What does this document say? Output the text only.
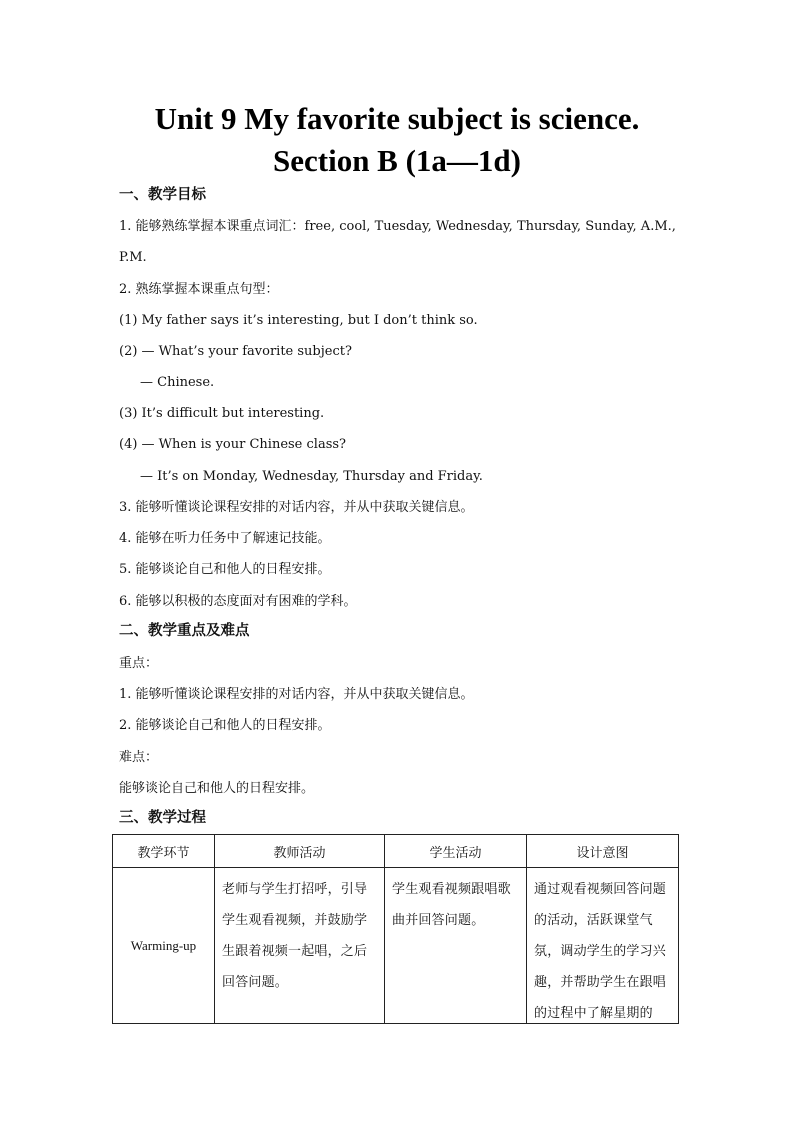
Unit 9 My favorite subject is science.
Section B (1a—1d)
一、教学目标
1. 能够熟练掌握本课重点词汇：free, cool, Tuesday, Wednesday, Thursday, Sunday, A.M.,
P.M.
2. 熟练掌握本课重点句型：
(1) My father says it’s interesting, but I don’t think so.
(2) — What’s your favorite subject?
— Chinese.
(3) It’s difficult but interesting.
(4) — When is your Chinese class?
— It’s on Monday, Wednesday, Thursday and Friday.
3. 能够听懂谈论课程安排的对话内容，并从中获取关键信息。
4. 能够在听力任务中了解速记技能。
5. 能够谈论自己和他人的日程安排。
6. 能够以积极的态度面对有困难的学科。
二、教学重点及难点
重点：
1. 能够听懂谈论课程安排的对话内容，并从中获取关键信息。
2. 能够谈论自己和他人的日程安排。
难点：
能够谈论自己和他人的日程安排。
三、教学过程
教学环节	教师活动	学生活动	设计意图
Warming-up	老师与学生打招呼，引导学生观看视频，并鼓励学生跟着视频一起唱，之后回答问题。	学生观看视频跟唱歌曲并回答问题。	通过观看视频回答问题的活动，活跃课堂气氛，调动学生的学习兴趣，并帮助学生在跟唱的过程中了解星期的
